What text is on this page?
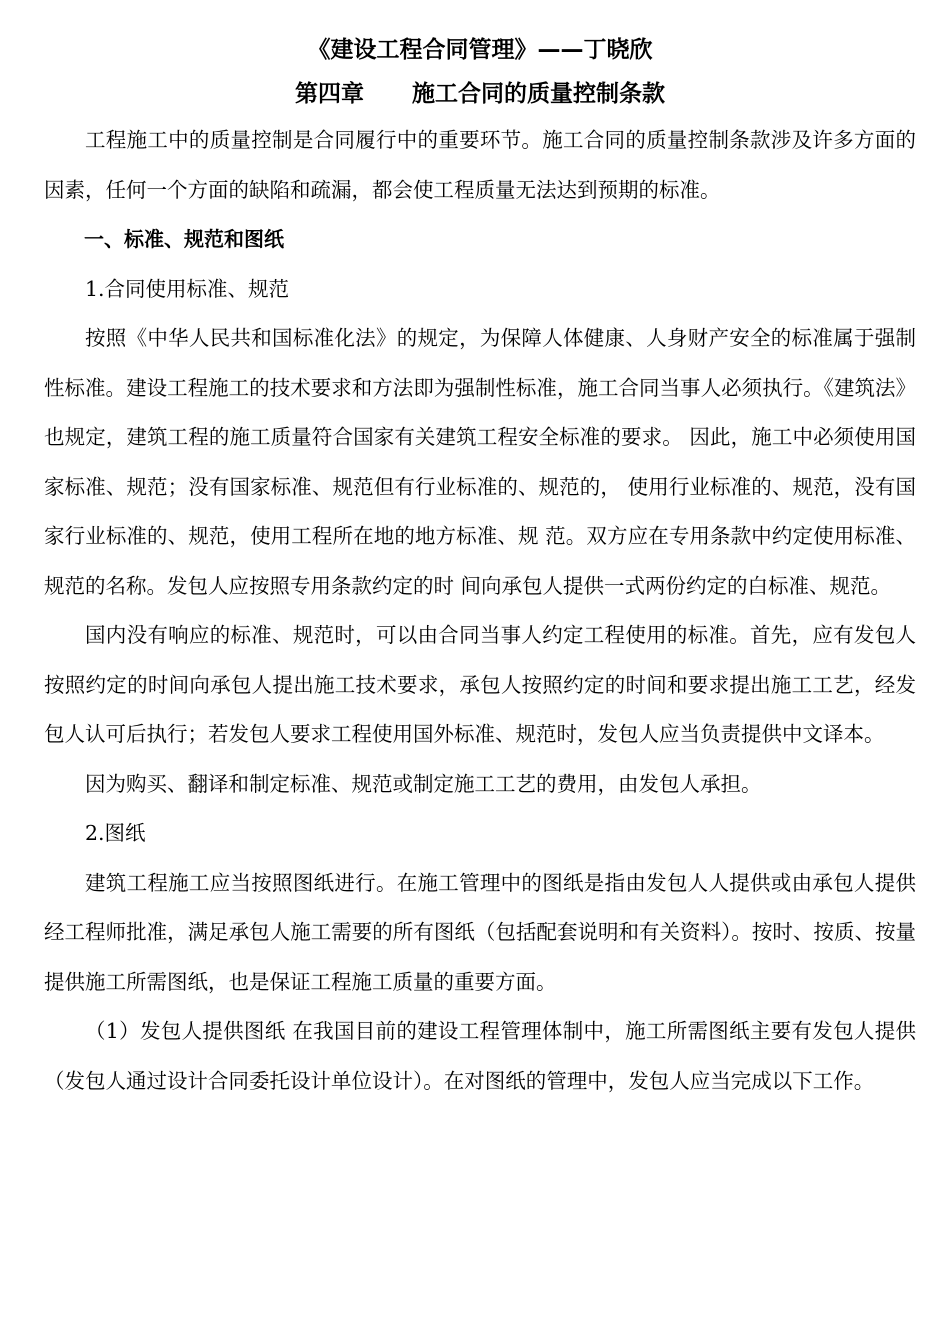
《建设工程合同管理》——丁晓欣
第四章 施工合同的质量控制条款

工程施工中的质量控制是合同履行中的重要环节。施工合同的质量控制条款涉及许多方面的因素，任何一个方面的缺陷和疏漏，都会使工程质量无法达到预期的标准。

一、标准、规范和图纸

1.合同使用标准、规范

按照《中华人民共和国标准化法》的规定，为保障人体健康、人身财产安全的标准属于强制性标准。建设工程施工的技术要求和方法即为强制性标准，施工合同当事人必须执行。《建筑法》也规定，建筑工程的施工质量符合国家有关建筑工程安全标准的要求。 因此，施工中必须使用国家标准、规范；没有国家标准、规范但有行业标准的、规范的， 使用行业标准的、规范，没有国家行业标准的、规范，使用工程所在地的地方标准、规 范。双方应在专用条款中约定使用标准、规范的名称。发包人应按照专用条款约定的时 间向承包人提供一式两份约定的白标准、规范。

国内没有响应的标准、规范时，可以由合同当事人约定工程使用的标准。首先，应有发包人按照约定的时间向承包人提出施工技术要求，承包人按照约定的时间和要求提出施工工艺，经发包人认可后执行；若发包人要求工程使用国外标准、规范时，发包人应当负责提供中文译本。

因为购买、翻译和制定标准、规范或制定施工工艺的费用，由发包人承担。

2.图纸

建筑工程施工应当按照图纸进行。在施工管理中的图纸是指由发包人人提供或由承包人提供经工程师批准，满足承包人施工需要的所有图纸（包括配套说明和有关资料）。按时、按质、按量提供施工所需图纸，也是保证工程施工质量的重要方面。

（1）发包人提供图纸 在我国目前的建设工程管理体制中，施工所需图纸主要有发包人提供（发包人通过设计合同委托设计单位设计）。在对图纸的管理中，发包人应当完成以下工作。
